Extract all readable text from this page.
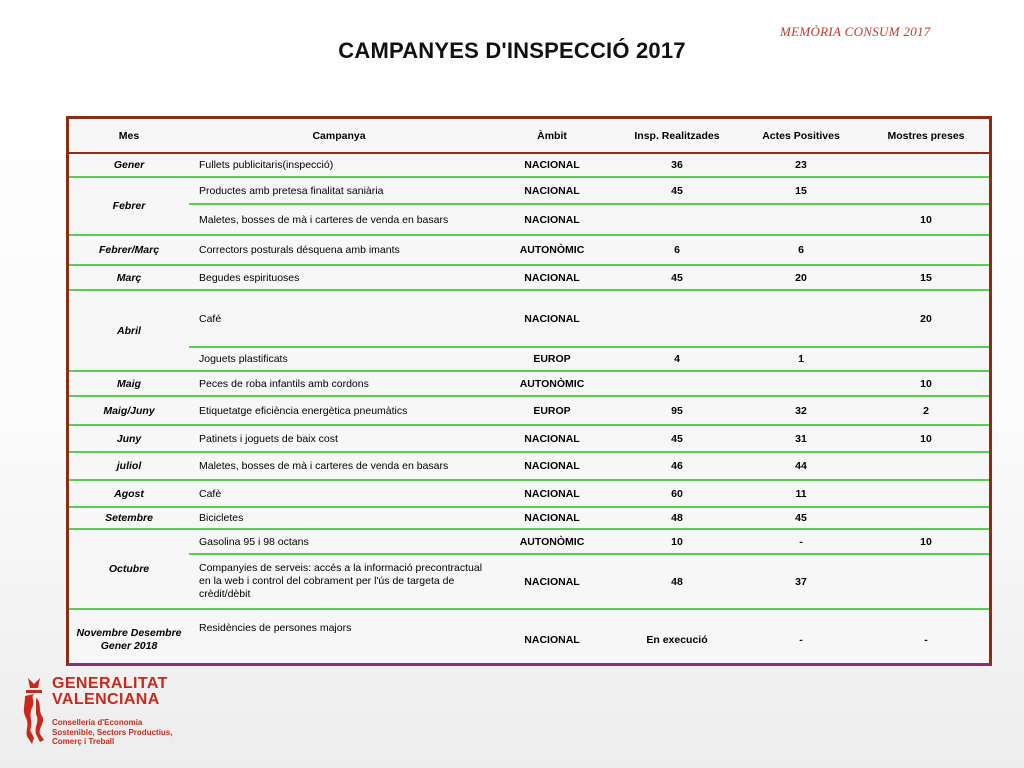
MEMÒRIA CONSUM 2017
CAMPANYES D'INSPECCIÓ 2017
Mes	Campanya	Àmbit	Insp. Realitzades	Actes Positives	Mostres preses
Gener	Fullets publicitaris(inspecció)	NACIONAL	36	23	
Febrer	Productes amb pretesa finalitat saniària	NACIONAL	45	15	
	Maletes, bosses de mà i carteres de venda en basars	NACIONAL			10
Febrer/Març	Correctors posturals désquena amb imants	AUTONÒMIC	6	6	
Març	Begudes espirituoses	NACIONAL	45	20	15
Abril	Café	NACIONAL			20
	Joguets plastificats	EUROP	4	1	
Maig	Peces de roba infantils amb cordons	AUTONÒMIC			10
Maig/Juny	Etiquetatge eficiència energètica pneumàtics	EUROP	95	32	2
Juny	Patinets i joguets de baix cost	NACIONAL	45	31	10
juliol	Maletes, bosses de mà i carteres de venda en basars	NACIONAL	46	44	
Agost	Cafè	NACIONAL	60	11	
Setembre	Bicicletes	NACIONAL	48	45	
Octubre	Gasolina 95 i 98 octans	AUTONÒMIC	10	-	10
	Companyies de serveis: accés a la informació precontractual en la web i control del cobrament per l'ús de targeta de crèdit/dèbit	NACIONAL	48	37	
Novembre Desembre Gener 2018	Residències de persones majors	NACIONAL	En execució	-	-
GENERALITAT
VALENCIANA
Conselleria d'Economia
Sostenible, Sectors Productius,
Comerç i Treball
